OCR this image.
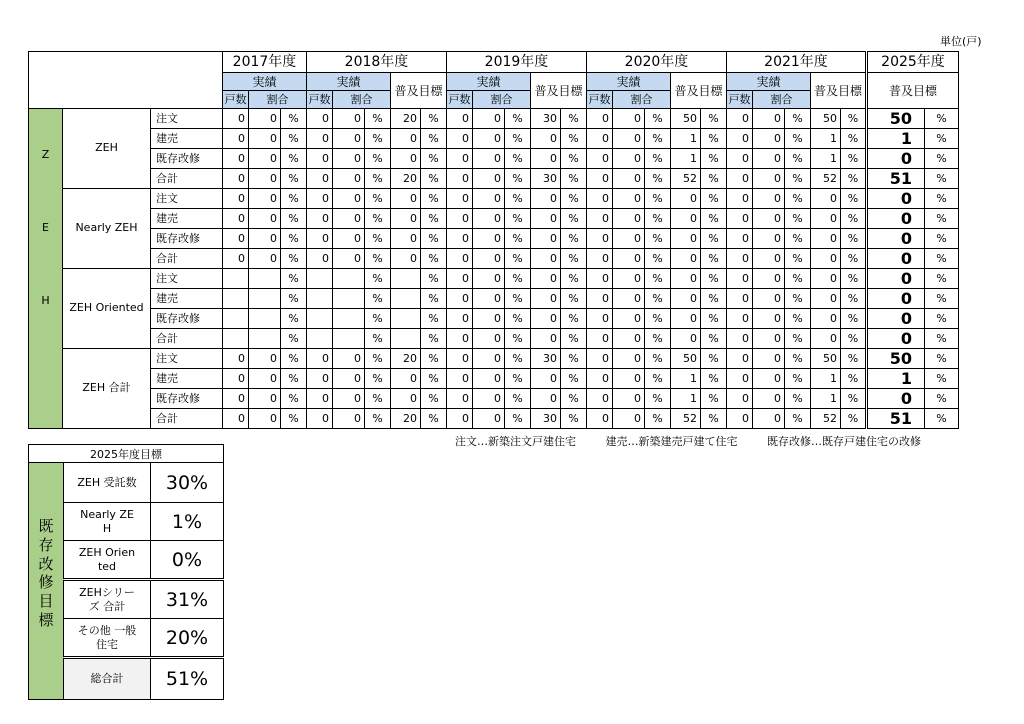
単位(戸)
			2017年度			2018年度					2019年度					2020年度					2021年度					2025年度	
			実績			実績			普及目標		実績			普及目標		実績			普及目標		実績			普及目標		普及目標	
			戸数	割合		戸数	割合				戸数	割合				戸数	割合				戸数	割合					

Z
E
H	ZEH	注文	0	0	%	0	0	%	20	%	0	0	%	30	%	0	0	%	50	%	0	0	%	50	%	50	%
		建売	0	0	%	0	0	%	0	%	0	0	%	0	%	0	0	%	1	%	0	0	%	1	%	1	%
		既存改修	0	0	%	0	0	%	0	%	0	0	%	0	%	0	0	%	1	%	0	0	%	1	%	0	%
		合計	0	0	%	0	0	%	20	%	0	0	%	30	%	0	0	%	52	%	0	0	%	52	%	51	%
	Nearly ZEH	注文	0	0	%	0	0	%	0	%	0	0	%	0	%	0	0	%	0	%	0	0	%	0	%	0	%
		建売	0	0	%	0	0	%	0	%	0	0	%	0	%	0	0	%	0	%	0	0	%	0	%	0	%
		既存改修	0	0	%	0	0	%	0	%	0	0	%	0	%	0	0	%	0	%	0	0	%	0	%	0	%
		合計	0	0	%	0	0	%	0	%	0	0	%	0	%	0	0	%	0	%	0	0	%	0	%	0	%
	ZEH Oriented	注文			%			%		%	0	0	%	0	%	0	0	%	0	%	0	0	%	0	%	0	%
		建売			%			%		%	0	0	%	0	%	0	0	%	0	%	0	0	%	0	%	0	%
		既存改修			%			%		%	0	0	%	0	%	0	0	%	0	%	0	0	%	0	%	0	%
		合計			%			%		%	0	0	%	0	%	0	0	%	0	%	0	0	%	0	%	0	%
	ZEH 合計	注文	0	0	%	0	0	%	20	%	0	0	%	30	%	0	0	%	50	%	0	0	%	50	%	50	%
		建売	0	0	%	0	0	%	0	%	0	0	%	0	%	0	0	%	1	%	0	0	%	1	%	1	%
		既存改修	0	0	%	0	0	%	0	%	0	0	%	0	%	0	0	%	1	%	0	0	%	1	%	0	%
		合計	0	0	%	0	0	%	20	%	0	0	%	30	%	0	0	%	52	%	0	0	%	52	%	51	%
注文…新築注文戸建住宅	建売…新築建売戸建て住宅	既存改修…既存戸建住宅の改修
2025年度目標		

既存改修目標	ZEH 受託数	30%
	Nearly ZEH	1%
	ZEH Oriented	0%
	ZEHシリーズ 合計	31%
	その他 一般住宅	20%
	総合計	51%
